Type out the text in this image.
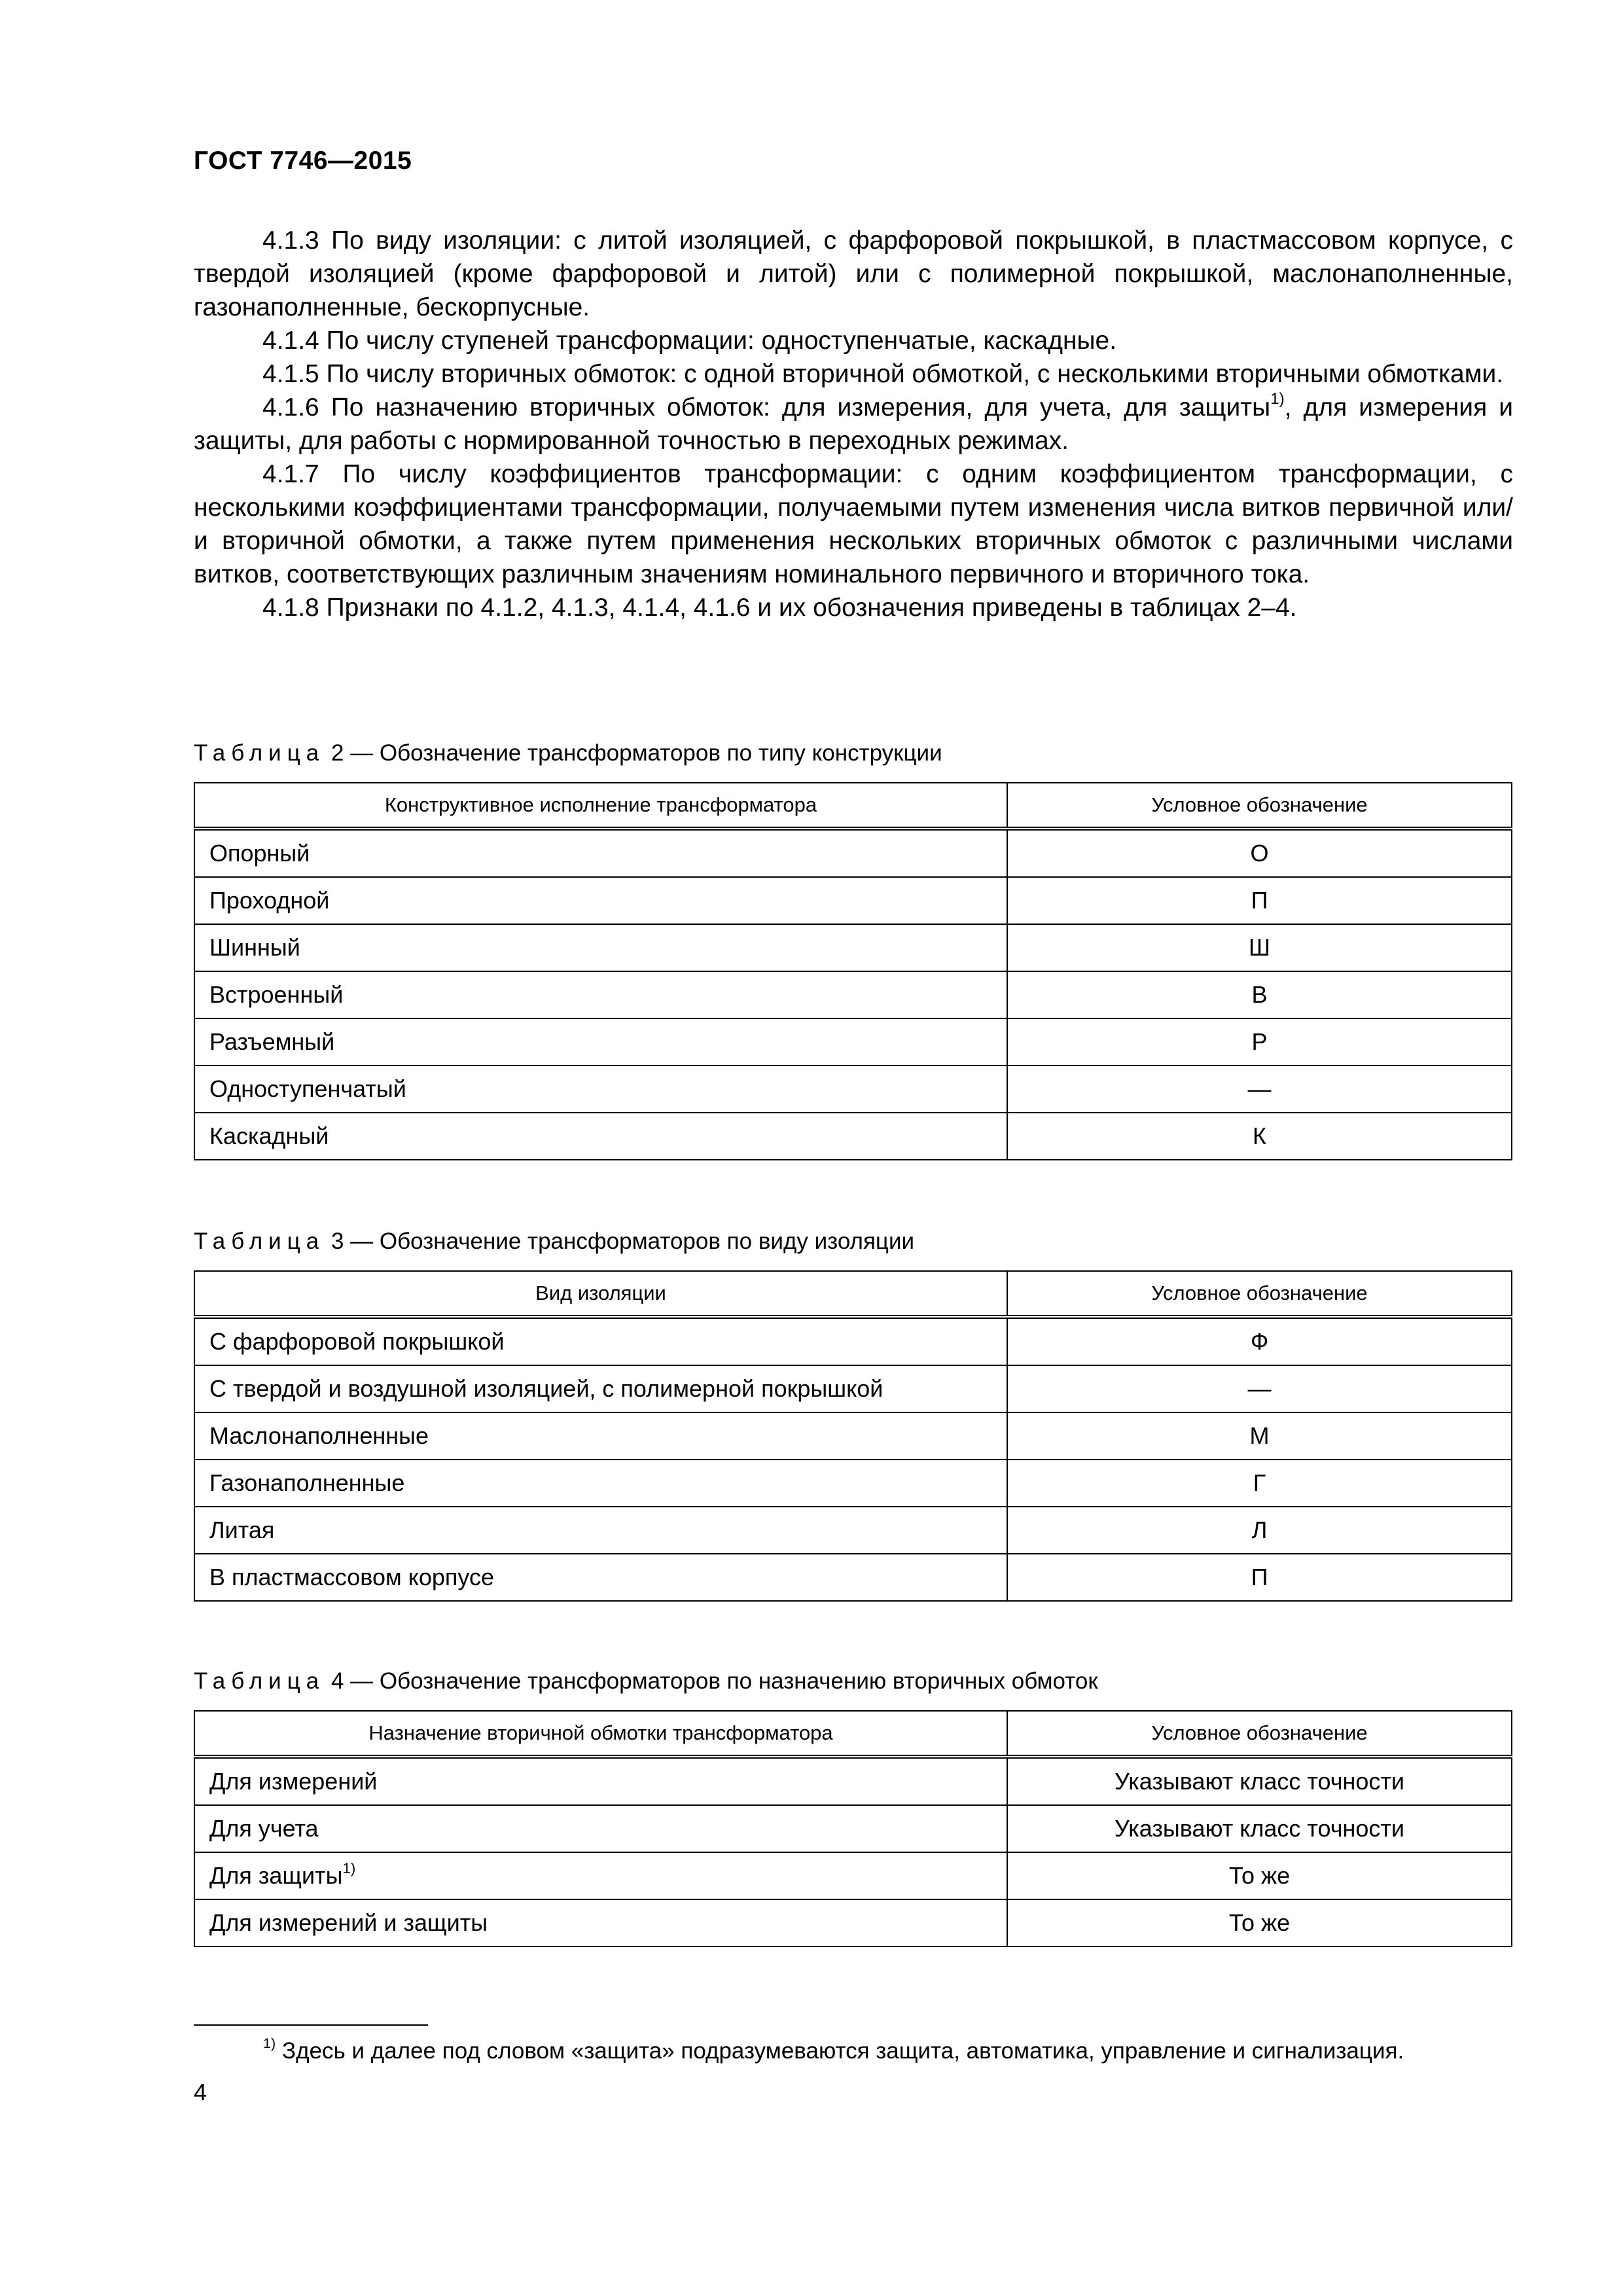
ГОСТ 7746—2015

4.1.3 По виду изоляции: с литой изоляцией, с фарфоровой покрышкой, в пластмассовом корпусе, с твердой изоляцией (кроме фарфоровой и литой) или с полимерной покрышкой, маслонаполненные, газонаполненные, бескорпусные.

4.1.4 По числу ступеней трансформации: одноступенчатые, каскадные.

4.1.5 По числу вторичных обмоток: с одной вторичной обмоткой, с несколькими вторичными обмотками.

4.1.6 По назначению вторичных обмоток: для измерения, для учета, для защиты$^{1)}$, для измерения и защиты, для работы с нормированной точностью в переходных режимах.

4.1.7 По числу коэффициентов трансформации: с одним коэффициентом трансформации, с несколькими коэффициентами трансформации, получаемыми путем изменения числа витков первичной или/и вторичной обмотки, а также путем применения нескольких вторичных обмоток с различными числами витков, соответствующих различным значениям номинального первичного и вторичного тока.

4.1.8 Признаки по 4.1.2, 4.1.3, 4.1.4, 4.1.6 и их обозначения приведены в таблицах 2–4.

Таблица 2 — Обозначение трансформаторов по типу конструкции
Конструктивное исполнение трансформатора	Условное обозначение
Опорный	О
Проходной	П
Шинный	Ш
Встроенный	В
Разъемный	Р
Одноступенчатый	—
Каскадный	К
Таблица 3 — Обозначение трансформаторов по виду изоляции
Вид изоляции	Условное обозначение
С фарфоровой покрышкой	Ф
С твердой и воздушной изоляцией, с полимерной покрышкой	—
Маслонаполненные	М
Газонаполненные	Г
Литая	Л
В пластмассовом корпусе	П
Таблица 4 — Обозначение трансформаторов по назначению вторичных обмоток
Назначение вторичной обмотки трансформатора	Условное обозначение
Для измерений	Указывают класс точности
Для учета	Указывают класс точности
Для защиты$^{1)}$	То же
Для измерений и защиты	То же
$^{1)}$ Здесь и далее под словом «защита» подразумеваются защита, автоматика, управление и сигнализация.
4
